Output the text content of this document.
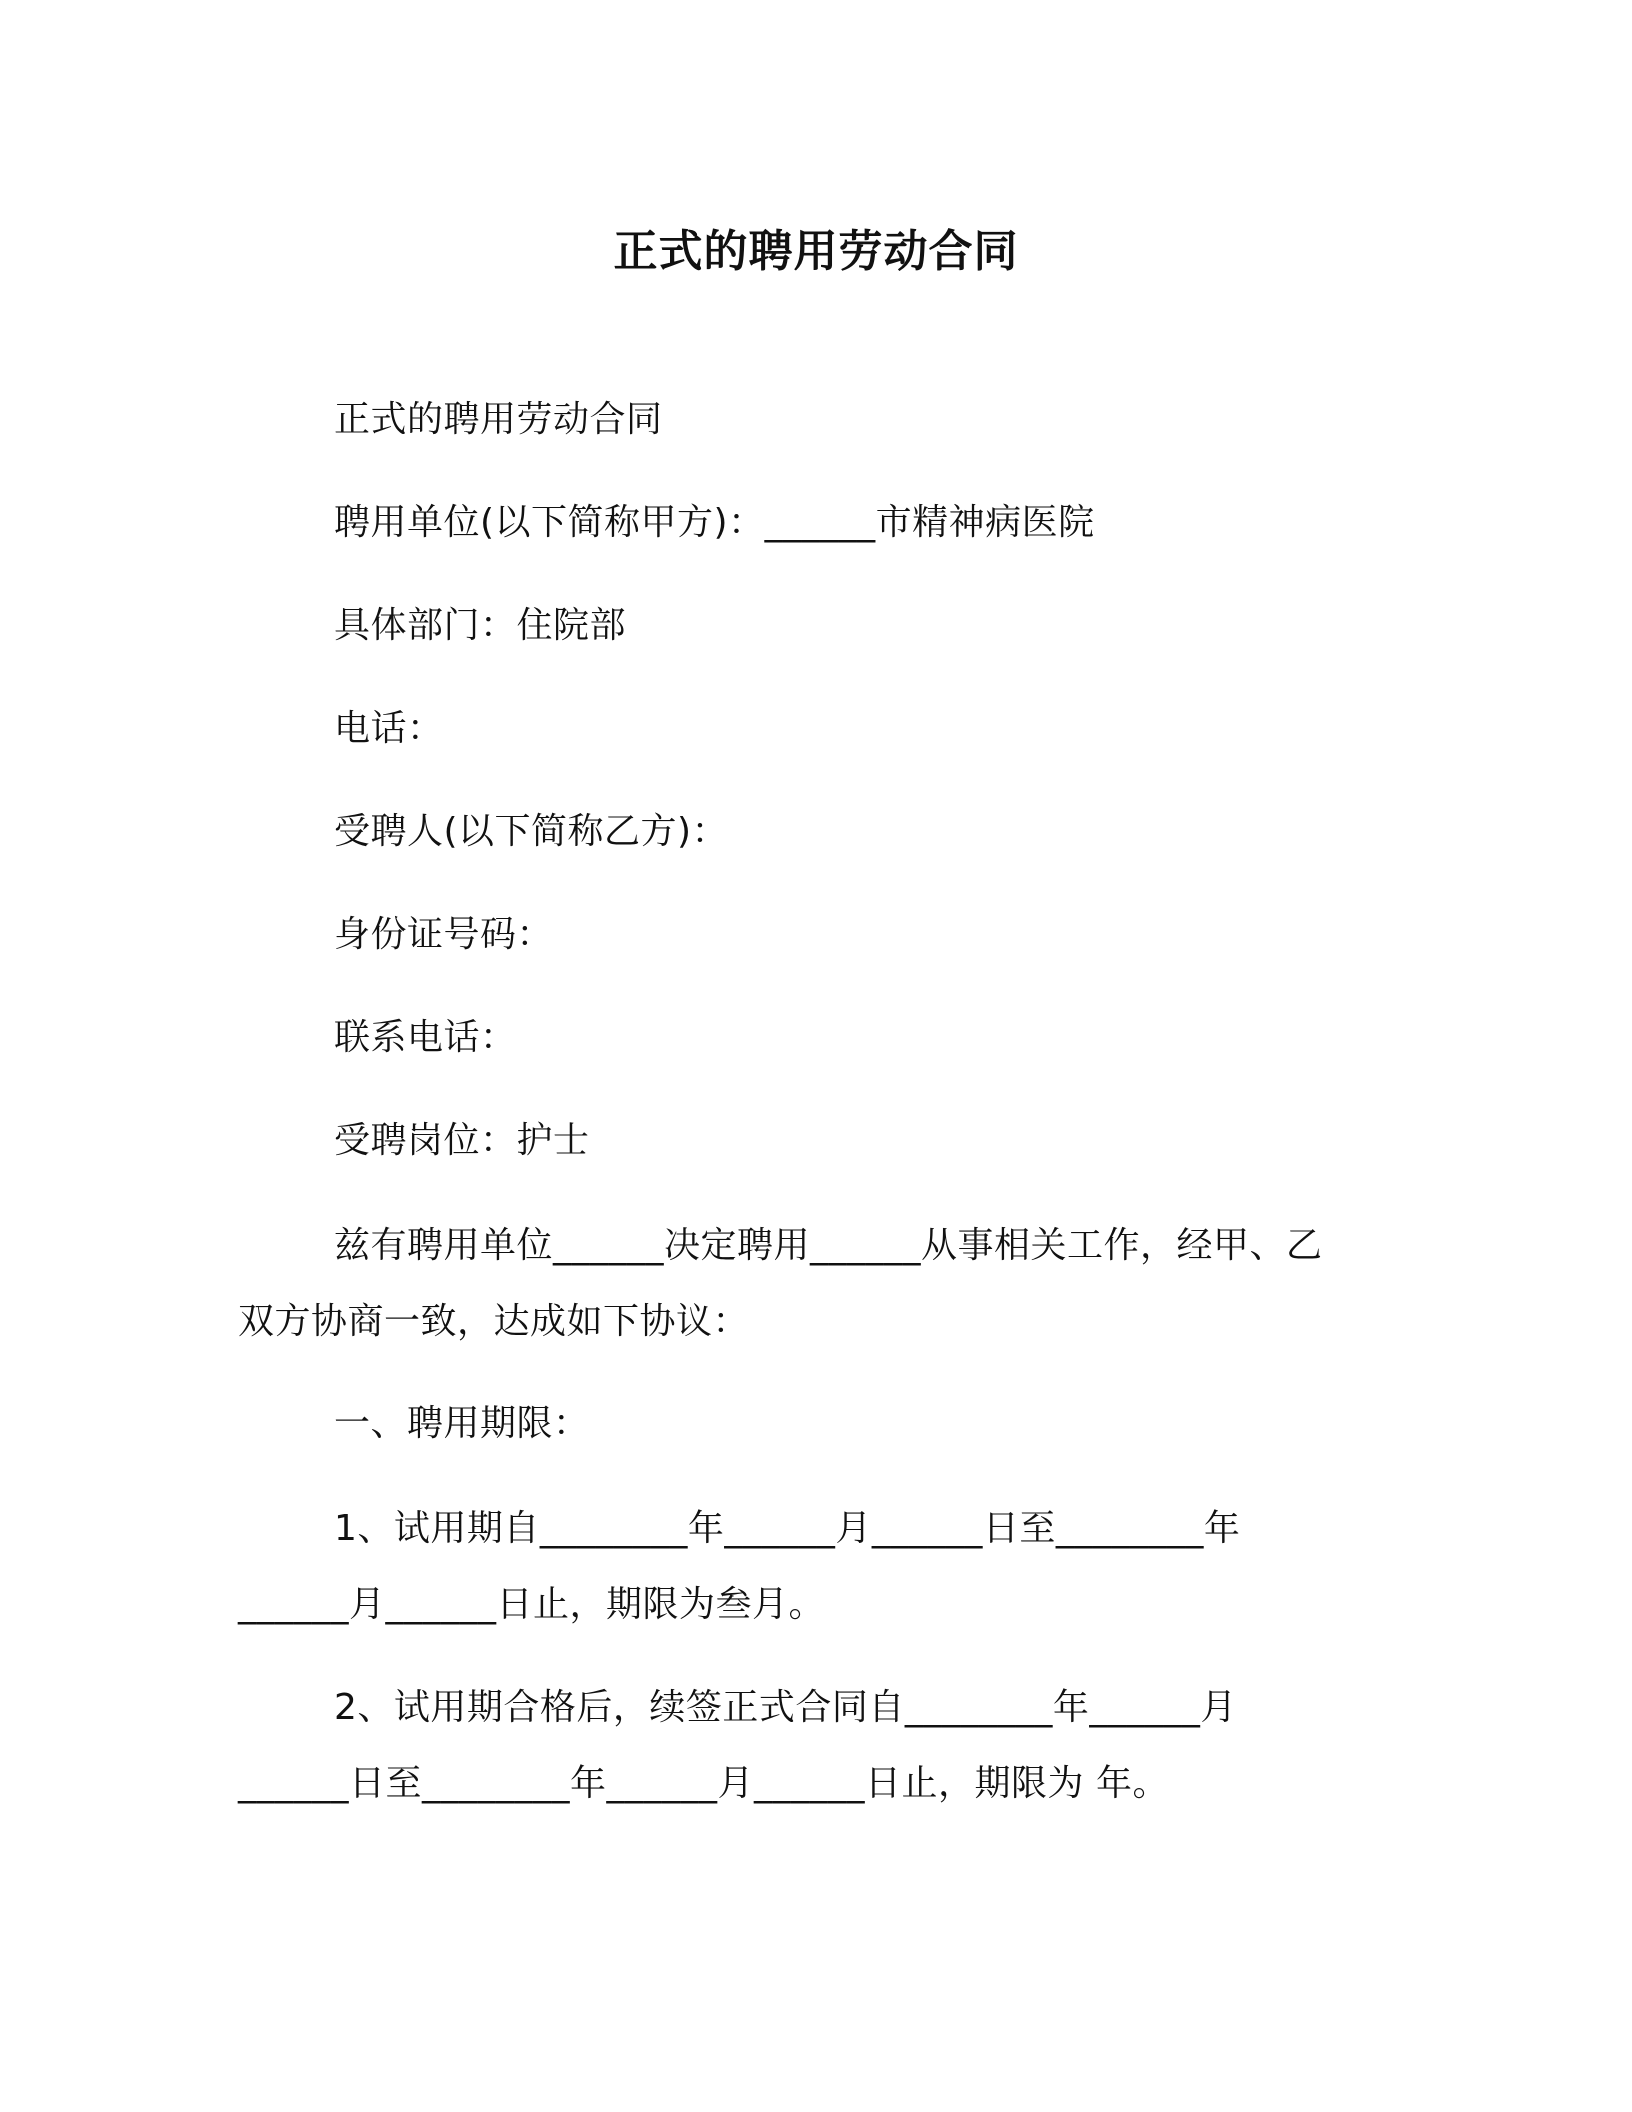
正式的聘用劳动合同
正式的聘用劳动合同
聘用单位(以下简称甲方)：______市精神病医院
具体部门：住院部
电话：
受聘人(以下简称乙方)：
身份证号码：
联系电话：
受聘岗位：护士
兹有聘用单位______决定聘用______从事相关工作，经甲、乙
双方协商一致，达成如下协议：
一、聘用期限：
1、试用期自________年______月______日至________年
______月______日止，期限为叁月。
2、试用期合格后，续签正式合同自________年______月
______日至________年______月______日止，期限为 年。
